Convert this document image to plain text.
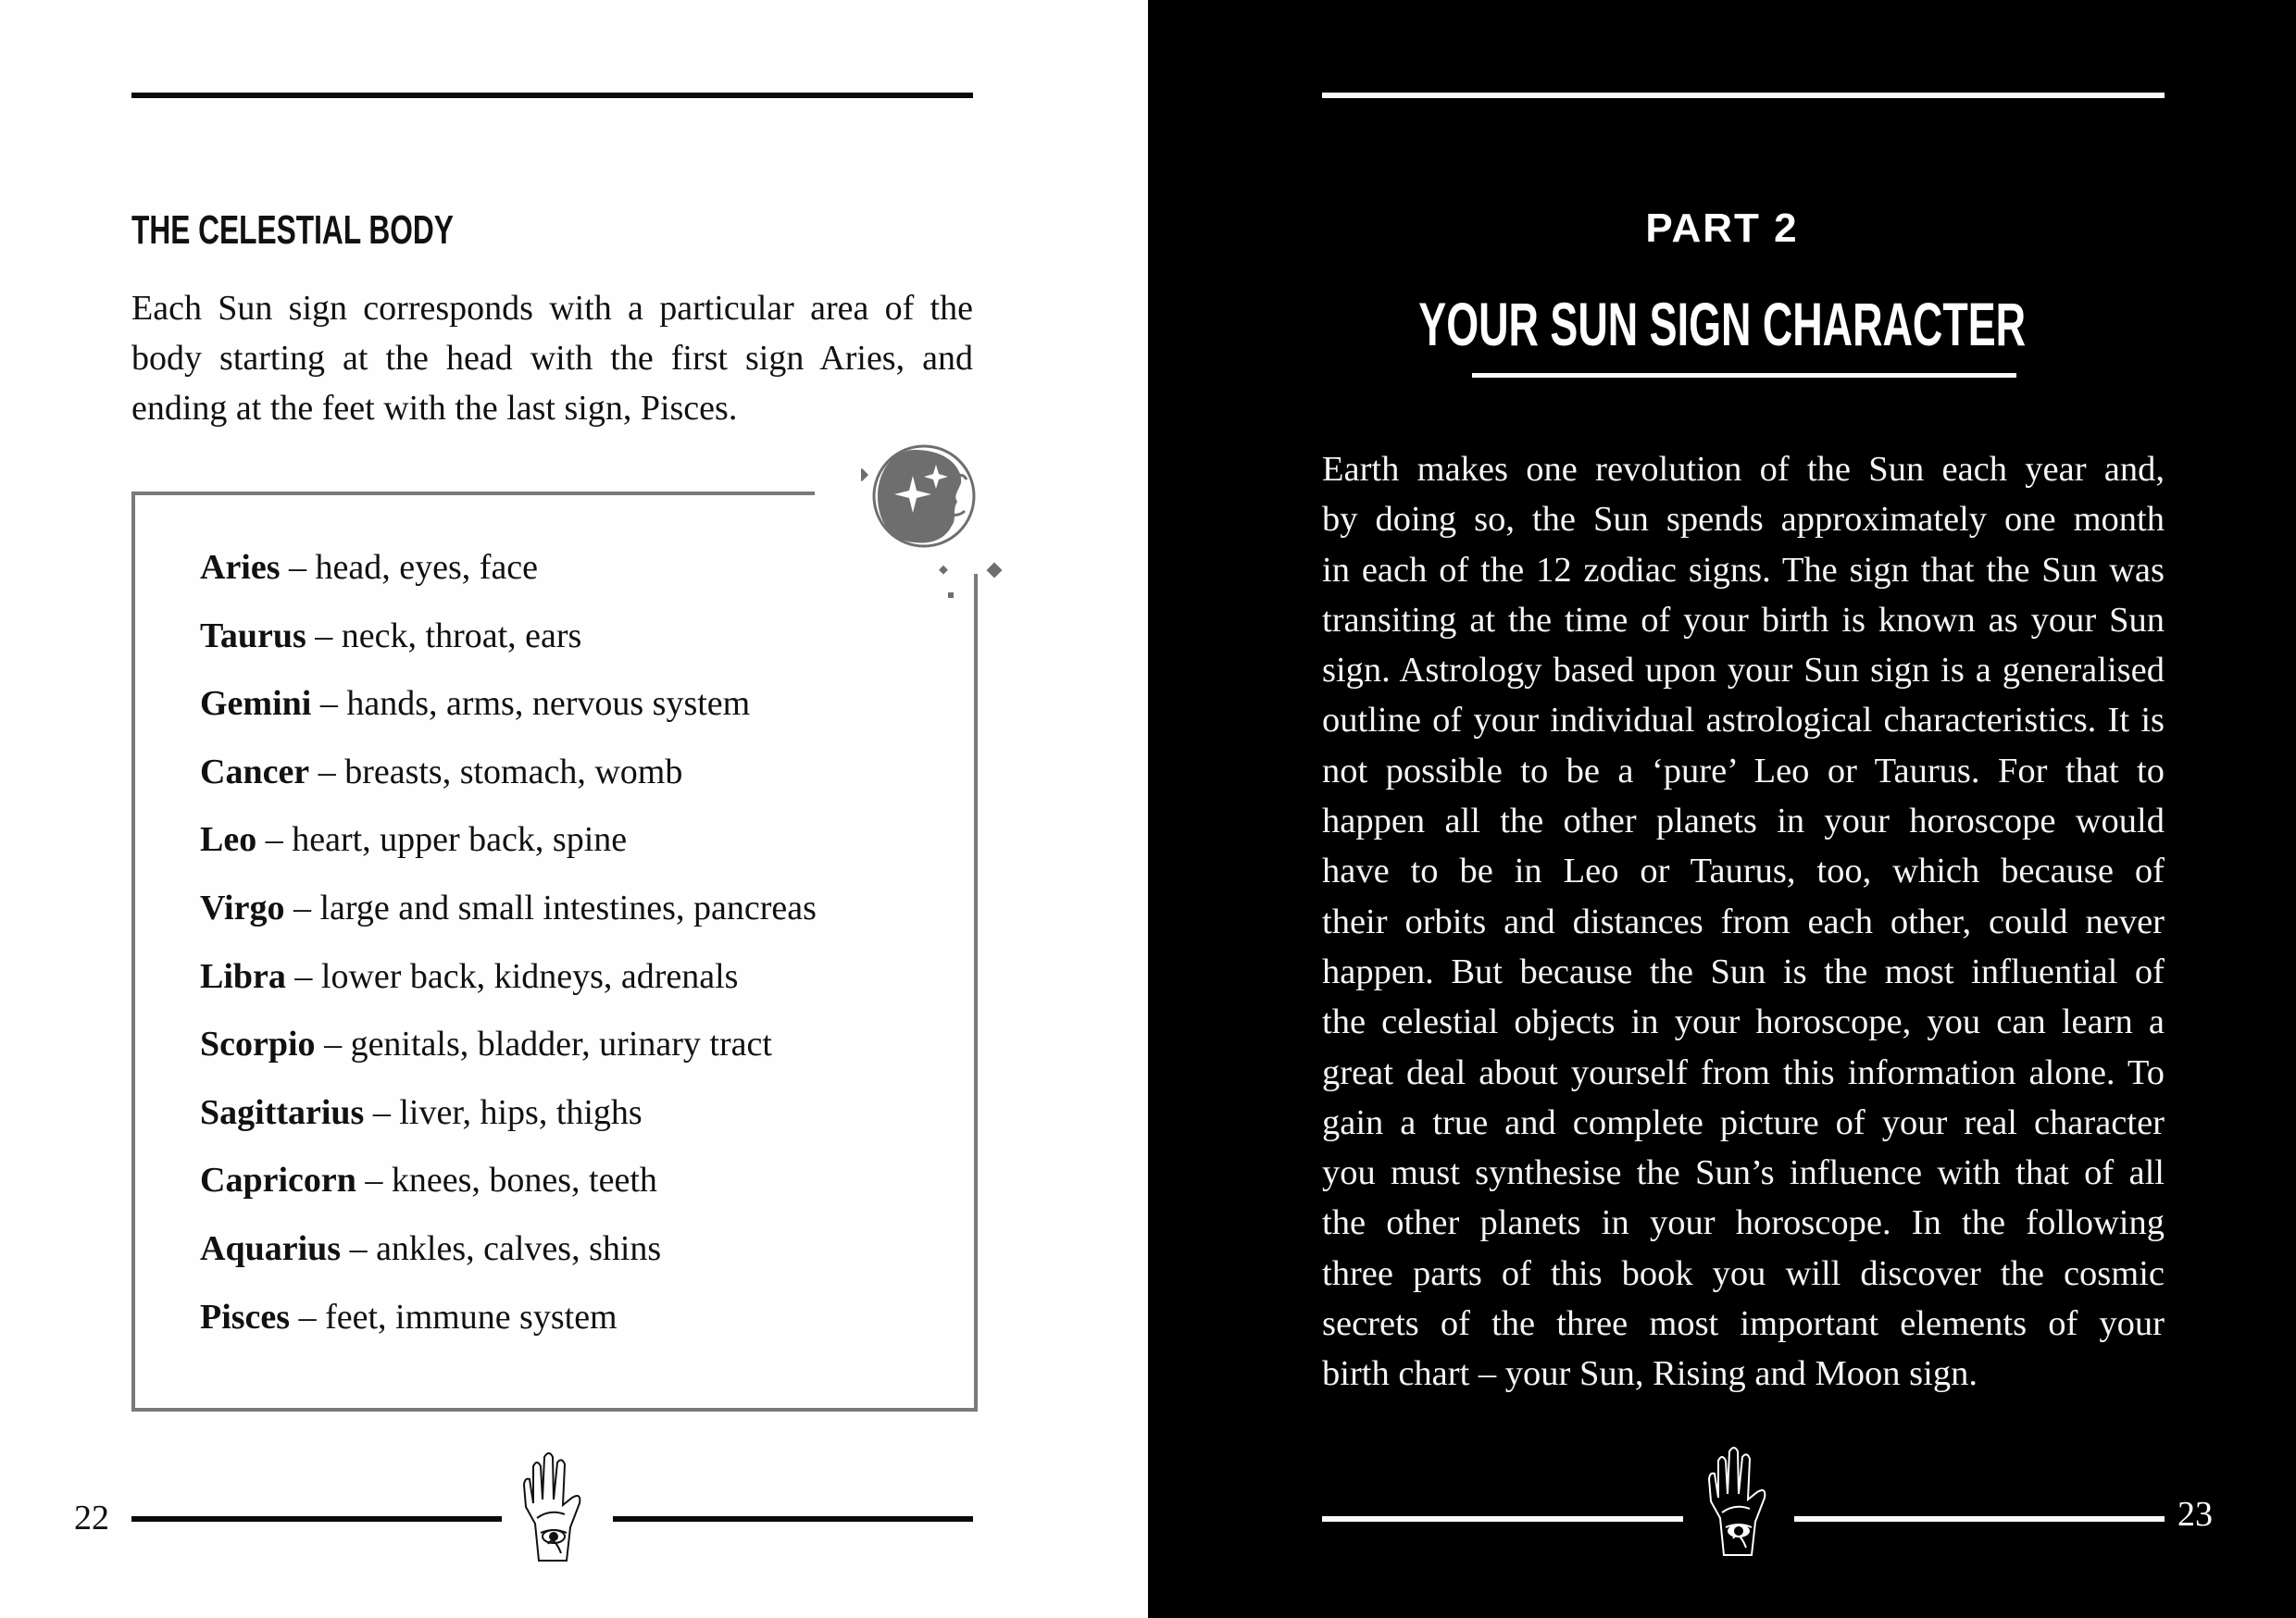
THE CELESTIAL BODY
Each Sun sign corresponds with a particular area of the
body starting at the head with the first sign Aries, and
ending at the feet with the last sign, Pisces.
Aries – head, eyes, face
Taurus – neck, throat, ears
Gemini – hands, arms, nervous system
Cancer – breasts, stomach, womb
Leo – heart, upper back, spine
Virgo – large and small intestines, pancreas
Libra – lower back, kidneys, adrenals
Scorpio – genitals, bladder, urinary tract
Sagittarius – liver, hips, thighs
Capricorn – knees, bones, teeth
Aquarius – ankles, calves, shins
Pisces – feet, immune system
22
PART 2
YOUR SUN SIGN CHARACTER
Earth makes one revolution of the Sun each year and,
by doing so, the Sun spends approximately one month
in each of the 12 zodiac signs. The sign that the Sun was
transiting at the time of your birth is known as your Sun
sign. Astrology based upon your Sun sign is a generalised
outline of your individual astrological characteristics. It is
not possible to be a ‘pure’ Leo or Taurus. For that to
happen all the other planets in your horoscope would
have to be in Leo or Taurus, too, which because of
their orbits and distances from each other, could never
happen. But because the Sun is the most influential of
the celestial objects in your horoscope, you can learn a
great deal about yourself from this information alone. To
gain a true and complete picture of your real character
you must synthesise the Sun’s influence with that of all
the other planets in your horoscope. In the following
three parts of this book you will discover the cosmic
secrets of the three most important elements of your
birth chart – your Sun, Rising and Moon sign.
23
